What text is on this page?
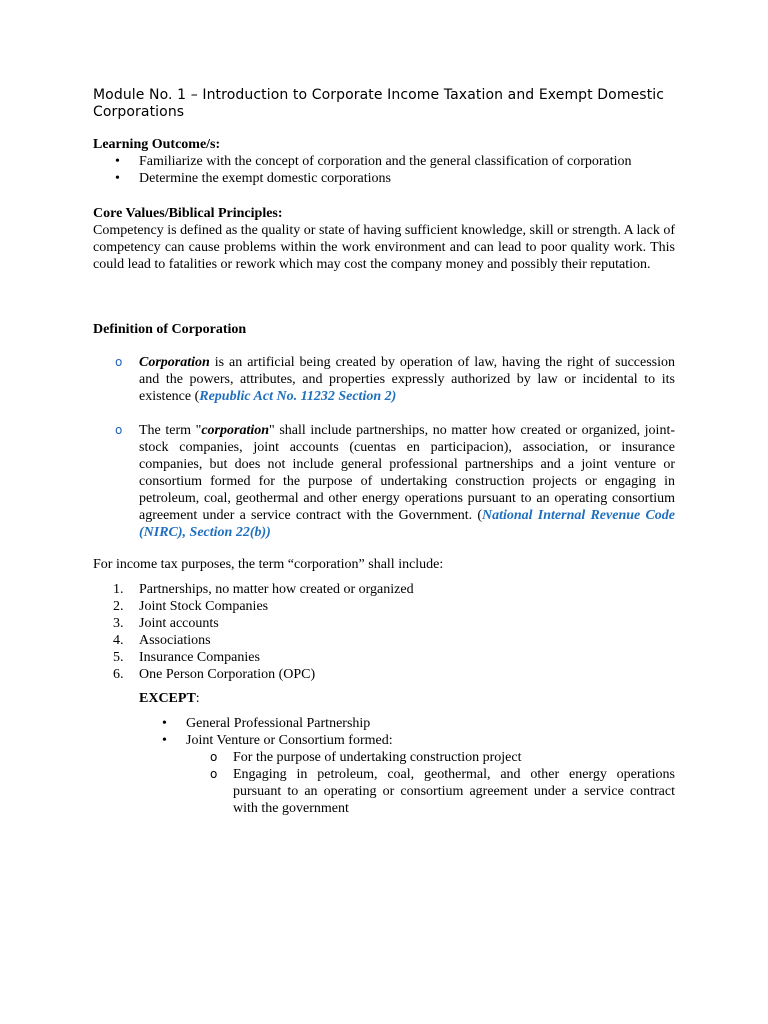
Module No. 1 – Introduction to Corporate Income Taxation and Exempt Domestic Corporations
Learning Outcome/s:
• Familiarize with the concept of corporation and the general classification of corporation
• Determine the exempt domestic corporations
Core Values/Biblical Principles:
Competency is defined as the quality or state of having sufficient knowledge, skill or strength. A lack of competency can cause problems within the work environment and can lead to poor quality work. This could lead to fatalities or rework which may cost the company money and possibly their reputation.
Definition of Corporation
o Corporation is an artificial being created by operation of law, having the right of succession and the powers, attributes, and properties expressly authorized by law or incidental to its existence (Republic Act No. 11232 Section 2)
o The term "corporation" shall include partnerships, no matter how created or organized, joint-stock companies, joint accounts (cuentas en participacion), association, or insurance companies, but does not include general professional partnerships and a joint venture or consortium formed for the purpose of undertaking construction projects or engaging in petroleum, coal, geothermal and other energy operations pursuant to an operating consortium agreement under a service contract with the Government. (National Internal Revenue Code (NIRC), Section 22(b))
For income tax purposes, the term “corporation” shall include:
1. Partnerships, no matter how created or organized
2. Joint Stock Companies
3. Joint accounts
4. Associations
5. Insurance Companies
6. One Person Corporation (OPC)
EXCEPT:
• General Professional Partnership
• Joint Venture or Consortium formed:
o For the purpose of undertaking construction project
o Engaging in petroleum, coal, geothermal, and other energy operations pursuant to an operating or consortium agreement under a service contract with the government
